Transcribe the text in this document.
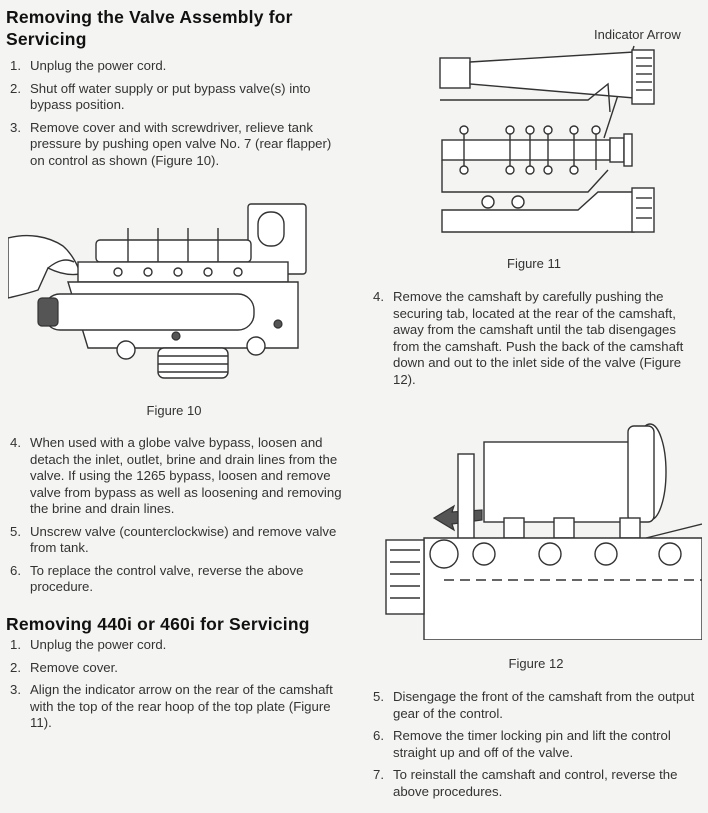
Removing the Valve Assembly for
Servicing
1. Unplug the power cord.
2. Shut off water supply or put bypass valve(s) into bypass position.
3. Remove cover and with screwdriver, relieve tank pressure by pushing open valve No. 7 (rear flapper) on control as shown (Figure 10).
Figure 10
4. When used with a globe valve bypass, loosen and detach the inlet, outlet, brine and drain lines from the valve. If using the 1265 bypass, loosen and remove valve from bypass as well as loosening and removing the brine and drain lines.
5. Unscrew valve (counterclockwise) and remove valve from tank.
6. To replace the control valve, reverse the above procedure.
Removing 440i or 460i for Servicing
1. Unplug the power cord.
2. Remove cover.
3. Align the indicator arrow on the rear of the camshaft with the top of the rear hoop of the top plate (Figure 11).
Indicator Arrow
Figure 11
4. Remove the camshaft by carefully pushing the securing tab, located at the rear of the camshaft, away from the camshaft until the tab disengages from the camshaft. Push the back of the camshaft down and out to the inlet side of the valve (Figure 12).
Figure 12
5. Disengage the front of the camshaft from the output gear of the control.
6. Remove the timer locking pin and lift the control straight up and off of the valve.
7. To reinstall the camshaft and control, reverse the above procedures.
